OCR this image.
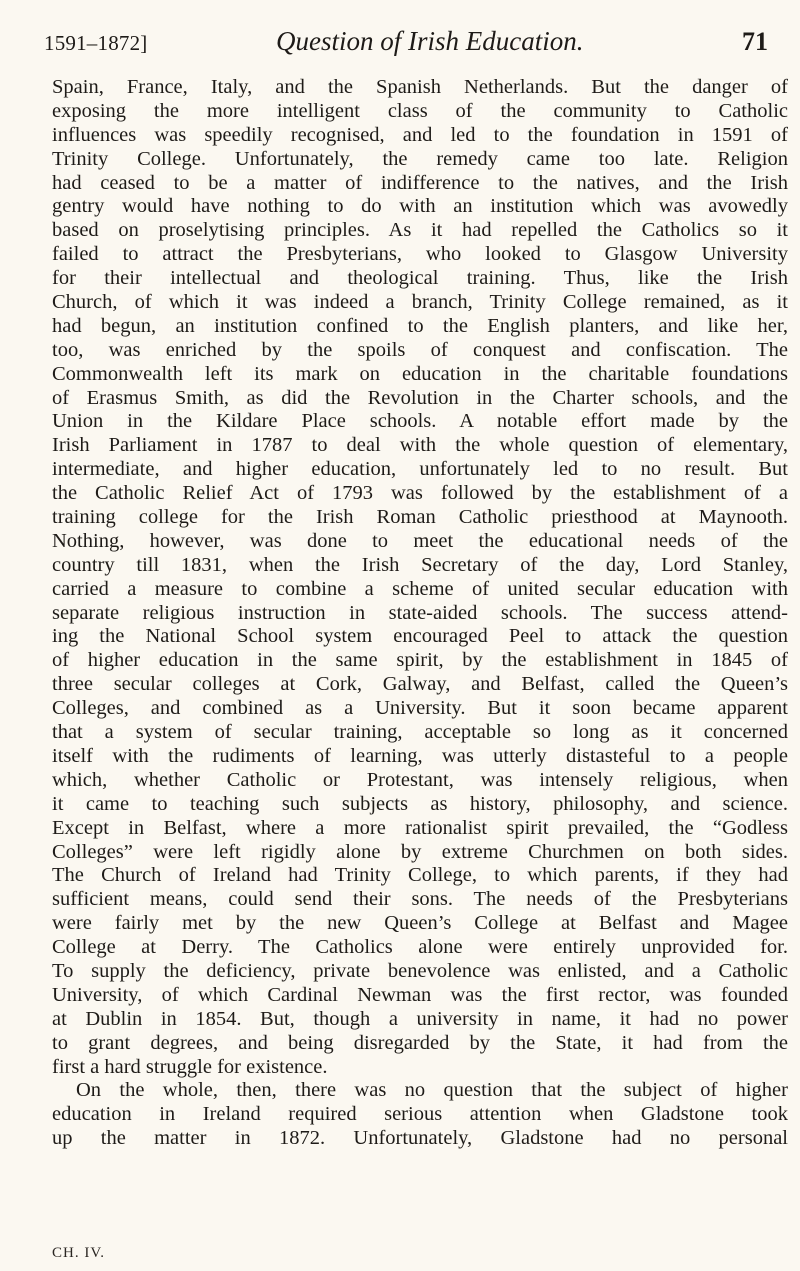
1591–1872]	Question of Irish Education.	71
Spain, France, Italy, and the Spanish Netherlands. But the danger of
exposing the more intelligent class of the community to Catholic
influences was speedily recognised, and led to the foundation in 1591 of
Trinity College. Unfortunately, the remedy came too late. Religion
had ceased to be a matter of indifference to the natives, and the Irish
gentry would have nothing to do with an institution which was avowedly
based on proselytising principles. As it had repelled the Catholics so it
failed to attract the Presbyterians, who looked to Glasgow University
for their intellectual and theological training. Thus, like the Irish
Church, of which it was indeed a branch, Trinity College remained, as it
had begun, an institution confined to the English planters, and like her,
too, was enriched by the spoils of conquest and confiscation. The
Commonwealth left its mark on education in the charitable foundations
of Erasmus Smith, as did the Revolution in the Charter schools, and the
Union in the Kildare Place schools. A notable effort made by the
Irish Parliament in 1787 to deal with the whole question of elementary,
intermediate, and higher education, unfortunately led to no result. But
the Catholic Relief Act of 1793 was followed by the establishment of a
training college for the Irish Roman Catholic priesthood at Maynooth.
Nothing, however, was done to meet the educational needs of the
country till 1831, when the Irish Secretary of the day, Lord Stanley,
carried a measure to combine a scheme of united secular education with
separate religious instruction in state-aided schools. The success attend-
ing the National School system encouraged Peel to attack the question
of higher education in the same spirit, by the establishment in 1845 of
three secular colleges at Cork, Galway, and Belfast, called the Queen’s
Colleges, and combined as a University. But it soon became apparent
that a system of secular training, acceptable so long as it concerned
itself with the rudiments of learning, was utterly distasteful to a people
which, whether Catholic or Protestant, was intensely religious, when
it came to teaching such subjects as history, philosophy, and science.
Except in Belfast, where a more rationalist spirit prevailed, the “Godless
Colleges” were left rigidly alone by extreme Churchmen on both sides.
The Church of Ireland had Trinity College, to which parents, if they had
sufficient means, could send their sons. The needs of the Presbyterians
were fairly met by the new Queen’s College at Belfast and Magee
College at Derry. The Catholics alone were entirely unprovided for.
To supply the deficiency, private benevolence was enlisted, and a Catholic
University, of which Cardinal Newman was the first rector, was founded
at Dublin in 1854. But, though a university in name, it had no power
to grant degrees, and being disregarded by the State, it had from the
first a hard struggle for existence.
On the whole, then, there was no question that the subject of higher
education in Ireland required serious attention when Gladstone took
up the matter in 1872. Unfortunately, Gladstone had no personal
CH. IV.
